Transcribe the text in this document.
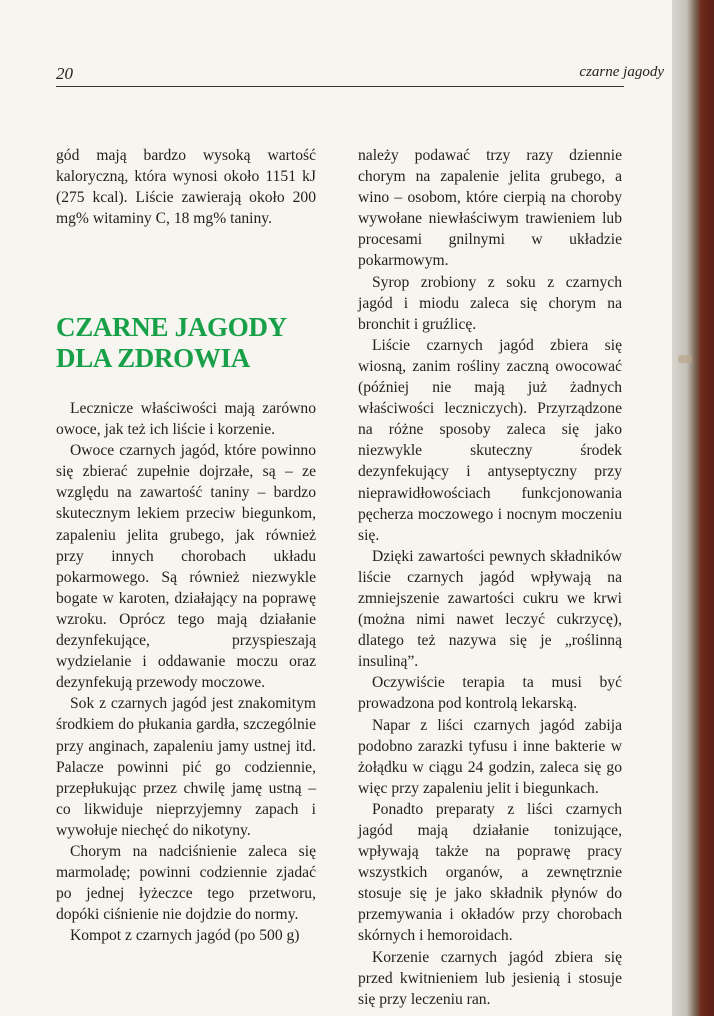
20	czarne jagody

gód mają bardzo wysoką wartość kaloryczną, która wynosi około 1151 kJ (275 kcal). Liście zawierają około 200 mg% witaminy C, 18 mg% taniny.

CZARNE JAGODY
DLA ZDROWIA

Lecznicze właściwości mają zarówno owoce, jak też ich liście i korzenie.

Owoce czarnych jagód, które powinno się zbierać zupełnie dojrzałe, są – ze względu na zawartość taniny – bardzo skutecznym lekiem przeciw biegunkom, zapaleniu jelita grubego, jak również przy innych chorobach układu pokarmowego. Są również niezwykle bogate w karoten, działający na poprawę wzroku. Oprócz tego mają działanie dezynfekujące, przyspieszają wydzielanie i oddawanie moczu oraz dezynfekują przewody moczowe.

Sok z czarnych jagód jest znakomitym środkiem do płukania gardła, szczególnie przy anginach, zapaleniu jamy ustnej itd. Palacze powinni pić go codziennie, przepłukując przez chwilę jamę ustną – co likwiduje nieprzyjemny zapach i wywołuje niechęć do nikotyny.

Chorym na nadciśnienie zaleca się marmoladę; powinni codziennie zjadać po jednej łyżeczce tego przetworu, dopóki ciśnienie nie dojdzie do normy.

Kompot z czarnych jagód (po 500 g)

należy podawać trzy razy dziennie chorym na zapalenie jelita grubego, a wino – osobom, które cierpią na choroby wywołane niewłaściwym trawieniem lub procesami gnilnymi w układzie pokarmowym.

Syrop zrobiony z soku z czarnych jagód i miodu zaleca się chorym na bronchit i gruźlicę.

Liście czarnych jagód zbiera się wiosną, zanim rośliny zaczną owocować (później nie mają już żadnych właściwości leczniczych). Przyrządzone na różne sposoby zaleca się jako niezwykle skuteczny środek dezynfekujący i antyseptyczny przy nieprawidłowościach funkcjonowania pęcherza moczowego i nocnym moczeniu się.

Dzięki zawartości pewnych składników liście czarnych jagód wpływają na zmniejszenie zawartości cukru we krwi (można nimi nawet leczyć cukrzycę), dlatego też nazywa się je „roślinną insuliną”.

Oczywiście terapia ta musi być prowadzona pod kontrolą lekarską.

Napar z liści czarnych jagód zabija podobno zarazki tyfusu i inne bakterie w żołądku w ciągu 24 godzin, zaleca się go więc przy zapaleniu jelit i biegunkach.

Ponadto preparaty z liści czarnych jagód mają działanie tonizujące, wpływają także na poprawę pracy wszystkich organów, a zewnętrznie stosuje się je jako składnik płynów do przemywania i okładów przy chorobach skórnych i hemoroidach.

Korzenie czarnych jagód zbiera się przed kwitnieniem lub jesienią i stosuje się przy leczeniu ran.
